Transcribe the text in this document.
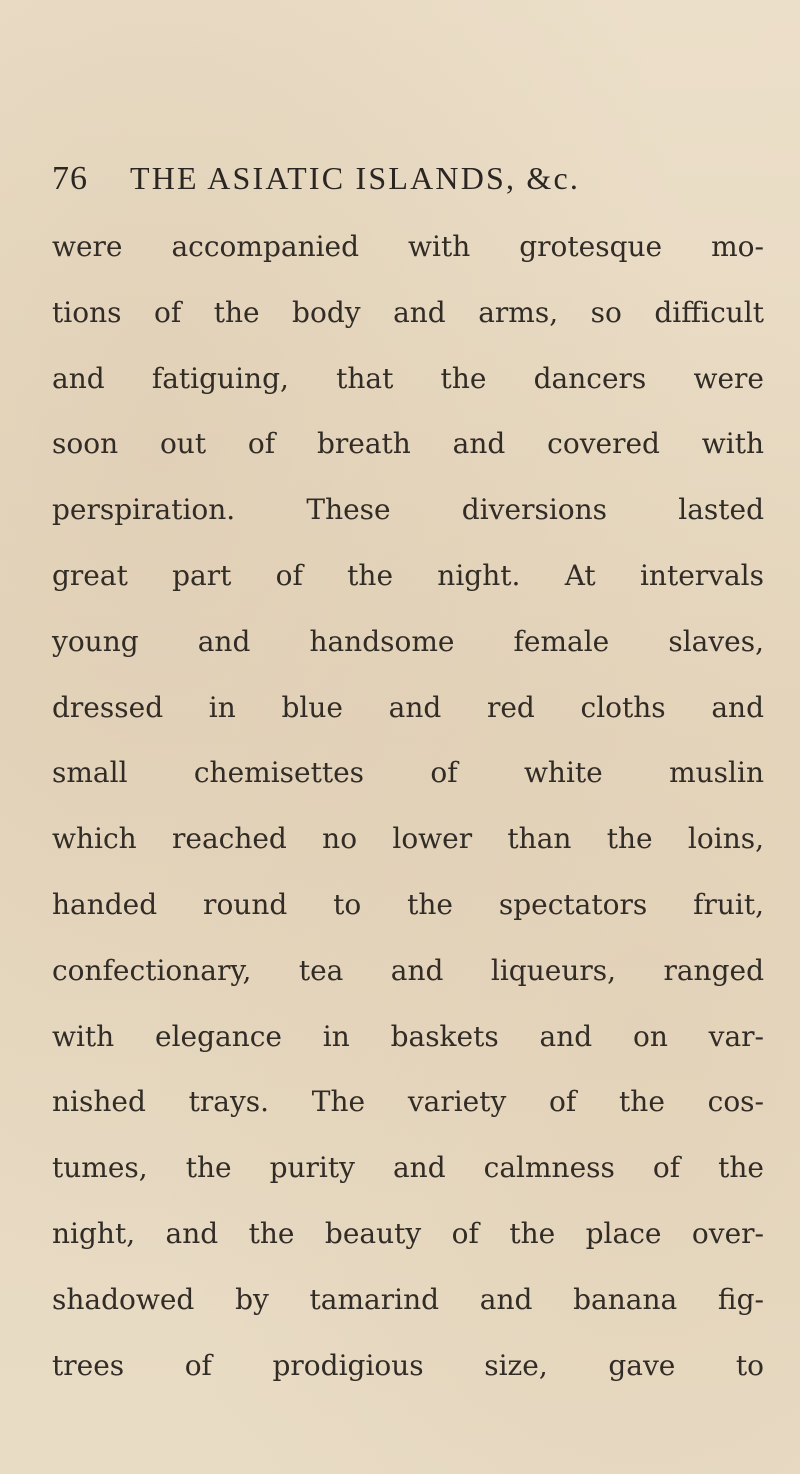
76	THE ASIATIC ISLANDS, &c.
were accompanied with grotesque mo-
tions of the body and arms, so difficult
and fatiguing, that the dancers were
soon out of breath and covered with
perspiration. These diversions lasted
great part of the night. At intervals
young and handsome female slaves,
dressed in blue and red cloths and
small chemisettes of white muslin
which reached no lower than the loins,
handed round to the spectators fruit,
confectionary, tea and liqueurs, ranged
with elegance in baskets and on var-
nished trays. The variety of the cos-
tumes, the purity and calmness of the
night, and the beauty of the place over-
shadowed by tamarind and banana fig-
trees of prodigious size, gave to
